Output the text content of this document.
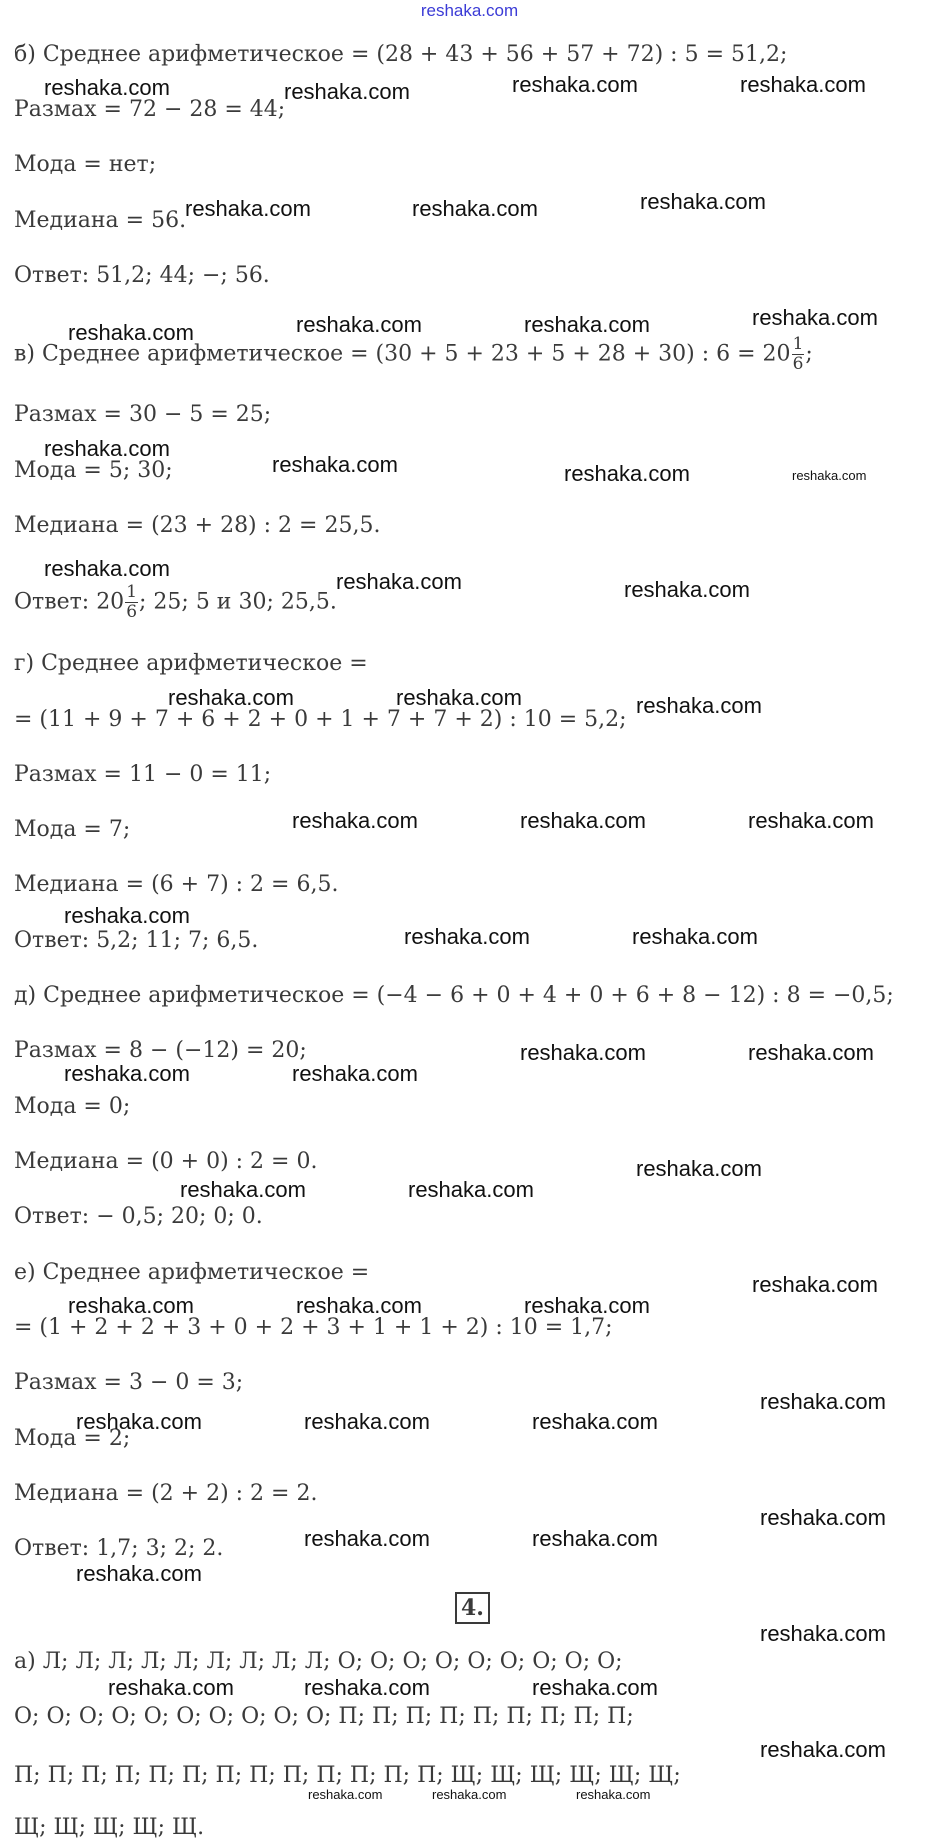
reshaka.com
б) Среднее арифметическое = (28 + 43 + 56 + 57 + 72) : 5 = 51,2;
Размах = 72 − 28 = 44;
Мода = нет;
Медиана = 56.
Ответ: 51,2; 44; −; 56.
в) Среднее арифметическое = (30 + 5 + 23 + 5 + 28 + 30) : $6 = 20 \frac{1}{6}$ ;
Размах = 30 − 5 = 25;
Мода = 5; 30;
Медиана = (23 + 28) : 2 = 25,5.
Ответ: $20 \frac{1}{6}$ ; 25; 5 и 30; 25,5.
г) Среднее арифметическое =
= (11 + 9 + 7 + 6 + 2 + 0 + 1 + 7 + 7 + 2) : 10 = 5,2;
Размах = 11 − 0 = 11;
Мода = 7;
Медиана = (6 + 7) : 2 = 6,5.
Ответ: 5,2; 11; 7; 6,5.
д) Среднее арифметическое = (−4 − 6 + 0 + 4 + 0 + 6 + 8 − 12) : 8 = −0,5;
Размах = 8 − (−12) = 20;
Мода = 0;
Медиана = (0 + 0) : 2 = 0.
Ответ: − 0,5; 20; 0; 0.
е) Среднее арифметическое =
= (1 + 2 + 2 + 3 + 0 + 2 + 3 + 1 + 1 + 2) : 10 = 1,7;
Размах = 3 − 0 = 3;
Мода = 2;
Медиана = (2 + 2) : 2 = 2.
Ответ: 1,7; 3; 2; 2.
4.
а) Л; Л; Л; Л; Л; Л; Л; Л; Л; О; О; О; О; О; О; О; О; О;
О; О; О; О; О; О; О; О; О; О; П; П; П; П; П; П; П; П; П;
П; П; П; П; П; П; П; П; П; П; П; П; П; Щ; Щ; Щ; Щ; Щ; Щ;
Щ; Щ; Щ; Щ; Щ.
reshaka.com	reshaka.com	reshaka.com	reshaka.com
reshaka.com	reshaka.com	reshaka.com
reshaka.com	reshaka.com	reshaka.com	reshaka.com
reshaka.com
reshaka.com	reshaka.com	reshaka.com
reshaka.com
reshaka.com	reshaka.com
reshaka.com	reshaka.com	reshaka.com
reshaka.com	reshaka.com	reshaka.com
reshaka.com
reshaka.com	reshaka.com
reshaka.com	reshaka.com
reshaka.com	reshaka.com
reshaka.com
reshaka.com	reshaka.com
reshaka.com
reshaka.com	reshaka.com	reshaka.com
reshaka.com
reshaka.com	reshaka.com	reshaka.com
reshaka.com
reshaka.com	reshaka.com
reshaka.com
reshaka.com
reshaka.com	reshaka.com	reshaka.com
reshaka.com
reshaka.com	reshaka.com	reshaka.com
